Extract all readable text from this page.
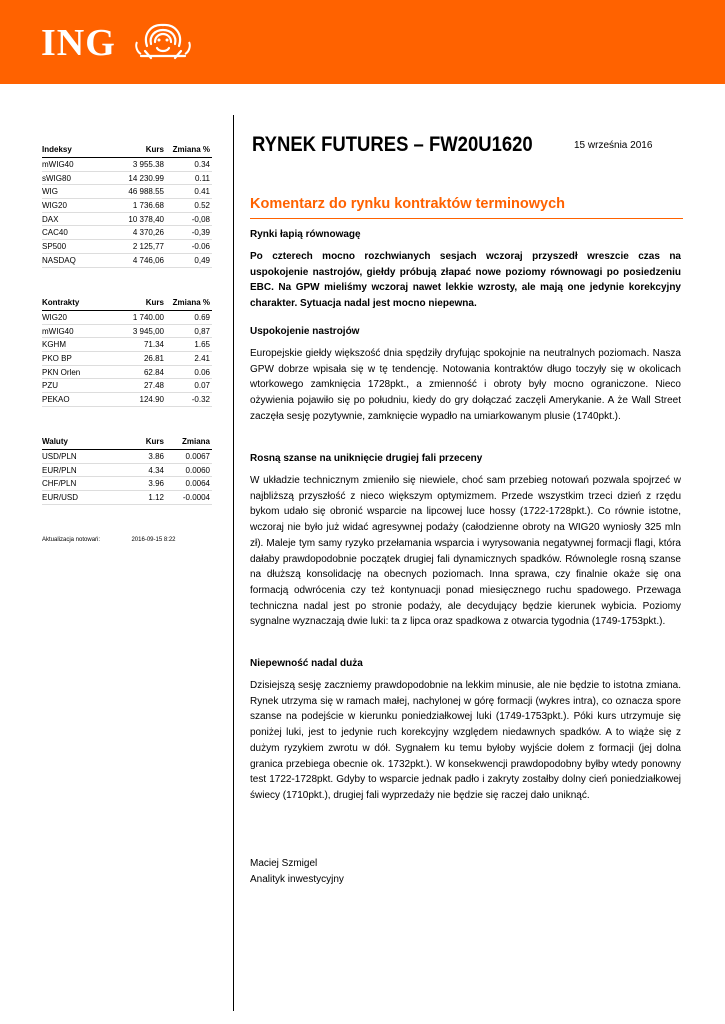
ING
Indeksy	Kurs	Zmiana %
mWIG40	3 955.38	0.34
sWIG80	14 230.99	0.11
WIG	46 988.55	0.41
WIG20	1 736.68	0.52
DAX	10 378,40	-0,08
CAC40	4 370,26	-0,39
SP500	2 125,77	-0.06
NASDAQ	4 746,06	0,49
Kontrakty	Kurs	Zmiana %
WIG20	1 740.00	0.69
mWIG40	3 945,00	0,87
KGHM	71.34	1.65
PKO BP	26.81	2.41
PKN Orlen	62.84	0.06
PZU	27.48	0.07
PEKAO	124.90	-0.32
Waluty	Kurs	Zmiana
USD/PLN	3.86	0.0067
EUR/PLN	4.34	0.0060
CHF/PLN	3.96	0.0064
EUR/USD	1.12	-0.0004
Aktualizacja notowań:	2016-09-15 8:22
RYNEK FUTURES – FW20U1620	15 września 2016
Komentarz do rynku kontraktów terminowych
Rynki łapią równowagę

Po czterech mocno rozchwianych sesjach wczoraj przyszedł wreszcie czas na uspokojenie nastrojów, giełdy próbują złapać nowe poziomy równowagi po posiedzeniu EBC. Na GPW mieliśmy wczoraj nawet lekkie wzrosty, ale mają one jedynie korekcyjny charakter. Sytuacja nadal jest mocno niepewna.

Uspokojenie nastrojów

Europejskie giełdy większość dnia spędziły dryfując spokojnie na neutralnych poziomach. Nasza GPW dobrze wpisała się w tę tendencję. Notowania kontraktów długo toczyły się w okolicach wtorkowego zamknięcia 1728pkt., a zmienność i obroty były mocno ograniczone. Nieco ożywienia pojawiło się po południu, kiedy do gry dołączać zaczęli Amerykanie. A że Wall Street zaczęła sesję pozytywnie, zamknięcie wypadło na umiarkowanym plusie (1740pkt.).

Rosną szanse na uniknięcie drugiej fali przeceny

W układzie technicznym zmieniło się niewiele, choć sam przebieg notowań pozwala spojrzeć w najbliższą przyszłość z nieco większym optymizmem. Przede wszystkim trzeci dzień z rzędu bykom udało się obronić wsparcie na lipcowej luce hossy (1722-1728pkt.). Co równie istotne, wczoraj nie było już widać agresywnej podaży (całodzienne obroty na WIG20 wyniosły 325 mln zł). Maleje tym samy ryzyko przełamania wsparcia i wyrysowania negatywnej formacji flagi, która dałaby prawdopodobnie początek drugiej fali dynamicznych spadków. Równolegle rosną szanse na dłuższą konsolidację na obecnych poziomach. Inna sprawa, czy finalnie okaże się ona formacją odwrócenia czy też kontynuacji ponad miesięcznego ruchu spadowego. Przewaga techniczna nadal jest po stronie podaży, ale decydujący będzie kierunek wybicia. Poziomy sygnalne wyznaczają dwie luki: ta z lipca oraz spadkowa z otwarcia tygodnia (1749-1753pkt.).

Niepewność nadal duża

Dzisiejszą sesję zaczniemy prawdopodobnie na lekkim minusie, ale nie będzie to istotna zmiana. Rynek utrzyma się w ramach małej, nachylonej w górę formacji (wykres intra), co oznacza spore szanse na podejście w kierunku poniedziałkowej luki (1749-1753pkt.). Póki kurs utrzymuje się poniżej luki, jest to jedynie ruch korekcyjny względem niedawnych spadków. A to wiąże się z dużym ryzykiem zwrotu w dół. Sygnałem ku temu byłoby wyjście dołem z formacji (jej dolna granica przebiega obecnie ok. 1732pkt.). W konsekwencji prawdopodobny byłby wtedy ponowny test 1722-1728pkt. Gdyby to wsparcie jednak padło i zakryty zostałby dolny cień poniedziałkowej świecy (1710pkt.), drugiej fali wyprzedaży nie będzie się raczej dało uniknąć.

Maciej Szmigel
Analityk inwestycyjny
